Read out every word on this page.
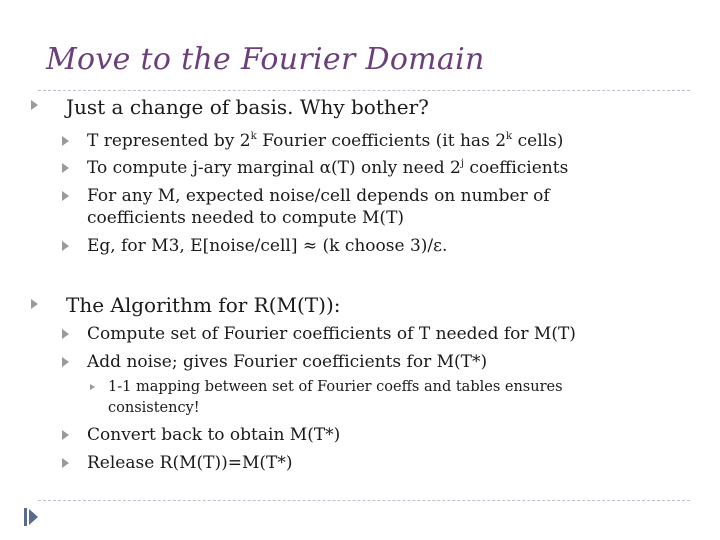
Move to the Fourier Domain
Just a change of basis. Why bother?
T represented by 2$^k$ Fourier coefficients (it has 2$^k$ cells)
To compute j-ary marginal α(T) only need 2$^j$ coefficients
For any M, expected noise/cell depends on number of
coefficients needed to compute M(T)
Eg, for M3, E[noise/cell] ≈ (k choose 3)/ε.
The Algorithm for R(M(T)):
Compute set of Fourier coefficients of T needed for M(T)
Add noise; gives Fourier coefficients for M(T*)
1-1 mapping between set of Fourier coeffs and tables ensures
consistency!
Convert back to obtain M(T*)
Release R(M(T))=M(T*)
